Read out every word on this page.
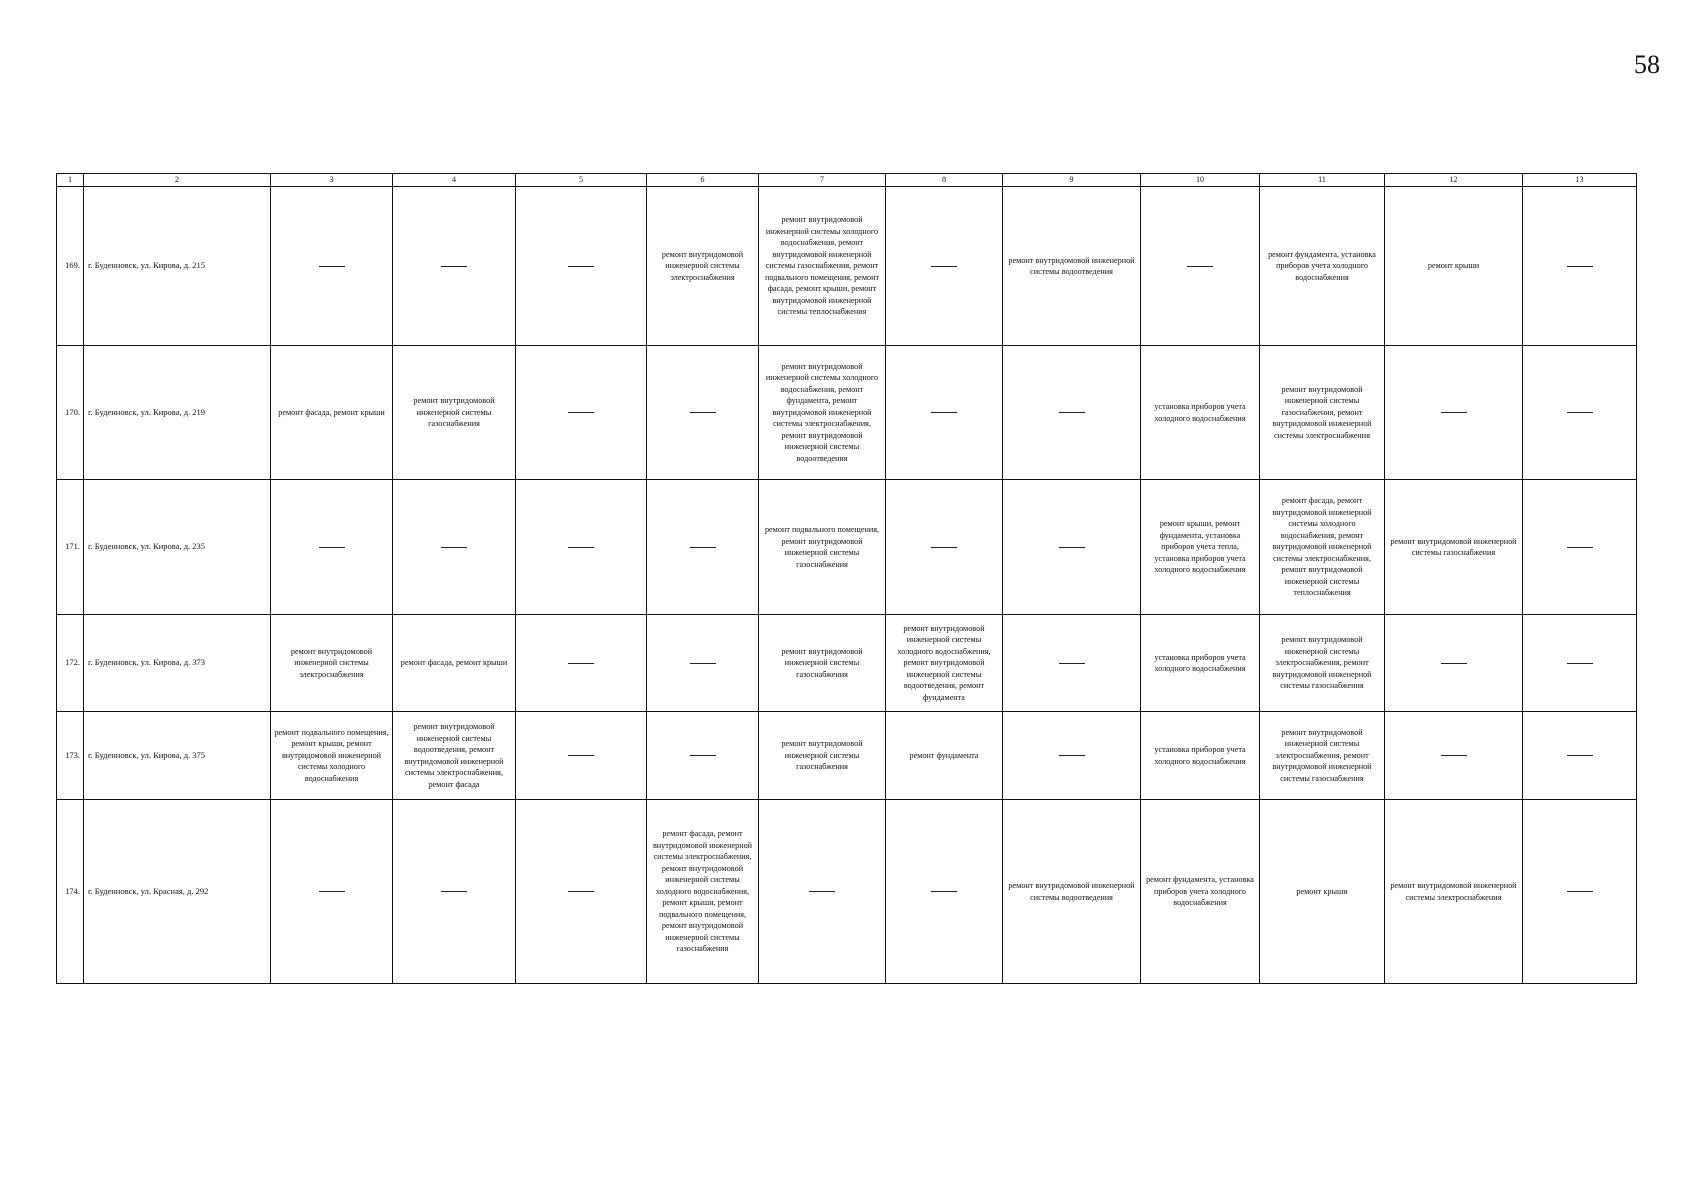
58
1	2	3	4	5	6	7	8	9	10	11	12	13
169.	г. Буденновск, ул. Кирова, д. 215				ремонт внутридомовой инженерной системы электроснабжения	ремонт внутридомовой инженерной системы холодного водоснабжения, ремонт внутридомовой инженерной системы газоснабжения, ремонт подвального помещения, ремонт фасада, ремонт крыши, ремонт внутридомовой инженерной системы теплоснабжения		ремонт внутридомовой инженерной системы водоотведения		ремонт фундамента, установка приборов учета холодного водоснабжения	ремонт крыши	
170.	г. Буденновск, ул. Кирова, д. 219	ремонт фасада, ремонт крыши	ремонт внутридомовой инженерной системы газоснабжения			ремонт внутридомовой инженерной системы холодного водоснабжения, ремонт фундамента, ремонт внутридомовой инженерной системы электроснабжения, ремонт внутридомовой инженерной системы водоотведения			установка приборов учета холодного водоснабжения	ремонт внутридомовой инженерной системы газоснабжения, ремонт внутридомовой инженерной системы электроснабжения		
171.	г. Буденновск, ул. Кирова, д. 235					ремонт подвального помещения, ремонт внутридомовой инженерной системы газоснабжения			ремонт крыши, ремонт фундамента, установка приборов учета тепла, установка приборов учета холодного водоснабжения	ремонт фасада, ремонт внутридомовой инженерной системы холодного водоснабжения, ремонт внутридомовой инженерной системы электроснабжения, ремонт внутридомовой инженерной системы теплоснабжения	ремонт внутридомовой инженерной системы газоснабжения	
172.	г. Буденновск, ул. Кирова, д. 373	ремонт внутридомовой инженерной системы электроснабжения	ремонт фасада, ремонт крыши			ремонт внутридомовой инженерной системы газоснабжения	ремонт внутридомовой инженерной системы холодного водоснабжения, ремонт внутридомовой инженерной системы водоотведения, ремонт фундамента		установка приборов учета холодного водоснабжения	ремонт внутридомовой инженерной системы электроснабжения, ремонт внутридомовой инженерной системы газоснабжения		
173.	г. Буденновск, ул. Кирова, д. 375	ремонт подвального помещения, ремонт крыши, ремонт внутридомовой инженерной системы холодного водоснабжения	ремонт внутридомовой инженерной системы водоотведения, ремонт внутридомовой инженерной системы электроснабжения, ремонт фасада			ремонт внутридомовой инженерной системы газоснабжения	ремонт фундамента		установка приборов учета холодного водоснабжения	ремонт внутридомовой инженерной системы электроснабжения, ремонт внутридомовой инженерной системы газоснабжения		
174.	г. Буденновск, ул. Красная, д. 292				ремонт фасада, ремонт внутридомовой инженерной системы электроснабжения, ремонт внутридомовой инженерной системы холодного водоснабжения, ремонт крыши, ремонт подвального помещения, ремонт внутридомовой инженерной системы газоснабжения			ремонт внутридомовой инженерной системы водоотведения	ремонт фундамента, установка приборов учета холодного водоснабжения	ремонт крыши	ремонт внутридомовой инженерной системы электроснабжения	
